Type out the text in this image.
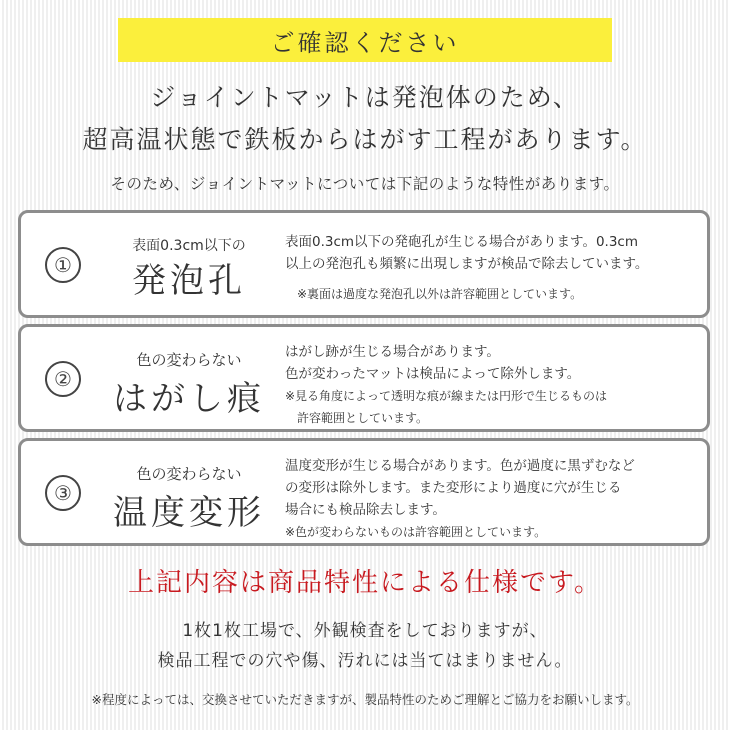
ご確認ください
ジョイントマットは発泡体のため、
超高温状態で鉄板からはがす工程があります。
そのため、ジョイントマットについては下記のような特性があります。
①
表面0.3cm以下の
発泡孔
表面0.3cm以下の発砲孔が生じる場合があります。0.3cm
以上の発泡孔も頻繁に出現しますが検品で除去しています。
※裏面は過度な発泡孔以外は許容範囲としています。
②
色の変わらない
はがし痕
はがし跡が生じる場合があります。
色が変わったマットは検品によって除外します。
※見る角度によって透明な痕が線または円形で生じるものは
許容範囲としています。
③
色の変わらない
温度変形
温度変形が生じる場合があります。色が過度に黒ずむなど
の変形は除外します。また変形により過度に穴が生じる
場合にも検品除去します。
※色が変わらないものは許容範囲としています。
上記内容は商品特性による仕様です。
1枚1枚工場で、外観検査をしておりますが、
検品工程での穴や傷、汚れには当てはまりません。
※程度によっては、交換させていただきますが、製品特性のためご理解とご協力をお願いします。
